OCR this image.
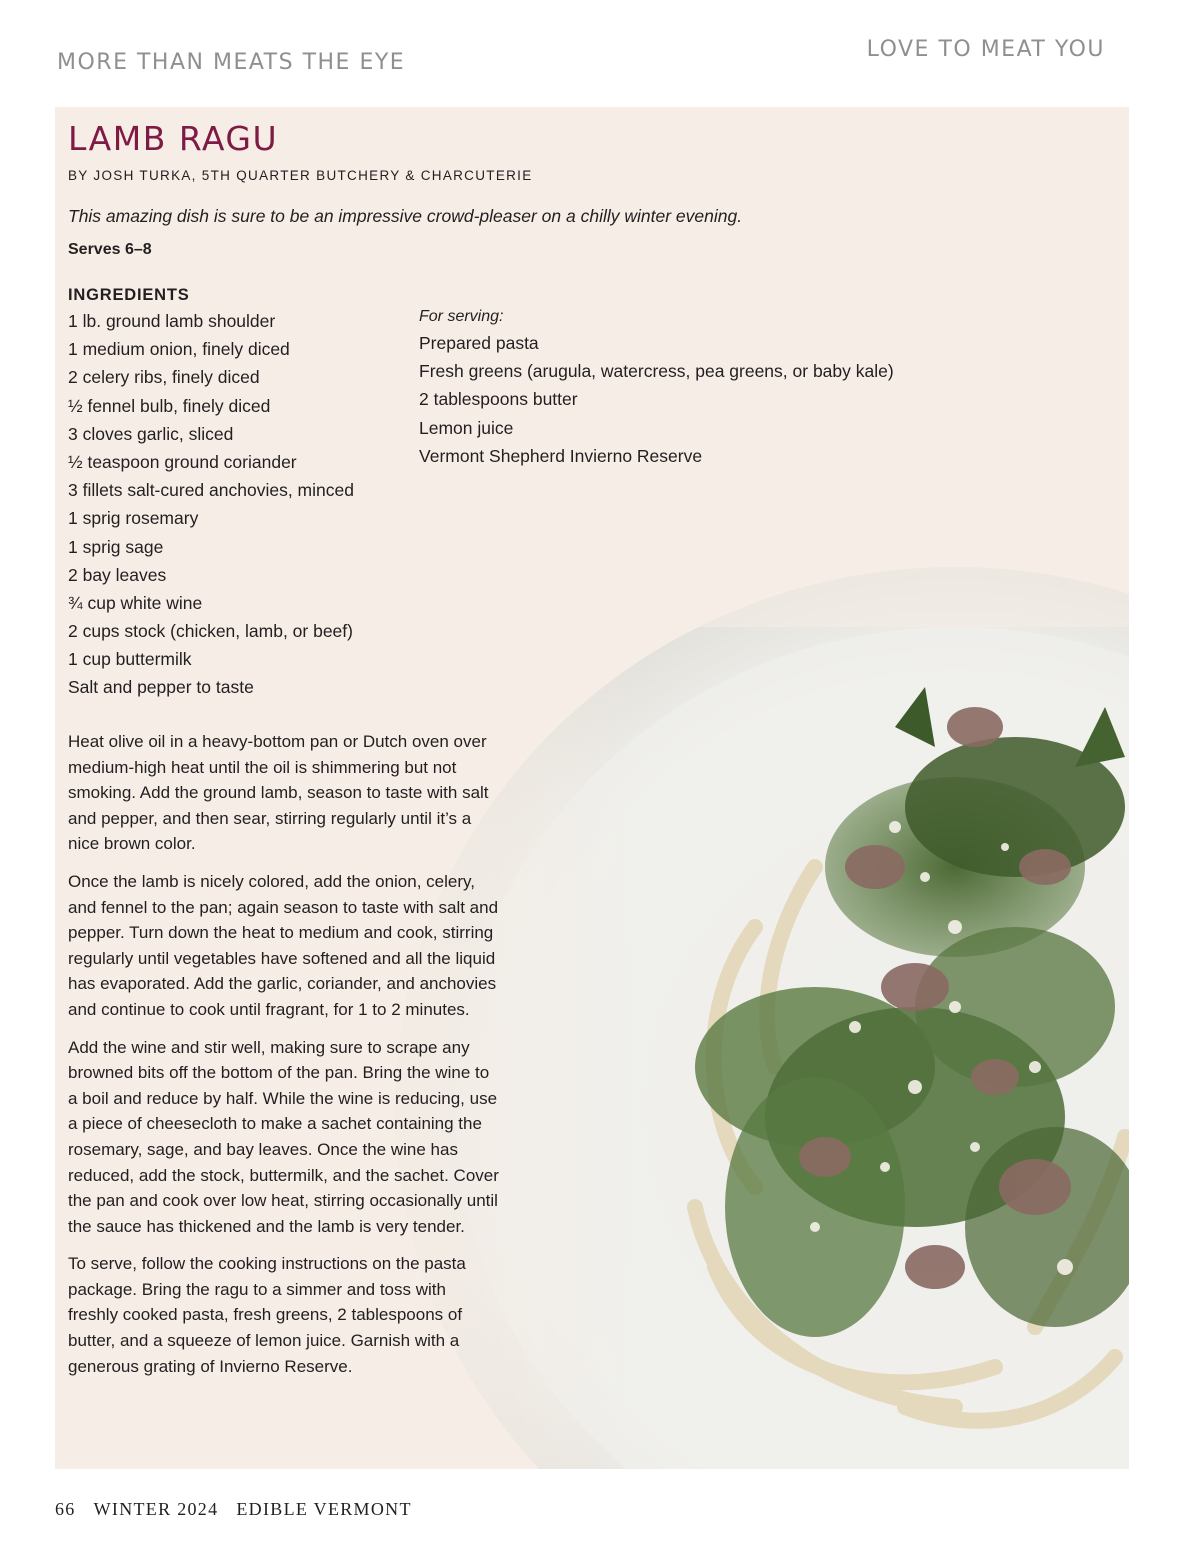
MORE THAN MEATS THE EYE
LOVE TO MEAT YOU
LAMB RAGU
BY JOSH TURKA, 5TH QUARTER BUTCHERY & CHARCUTERIE
This amazing dish is sure to be an impressive crowd-pleaser on a chilly winter evening.
Serves 6–8
INGREDIENTS
1 lb. ground lamb shoulder
1 medium onion, finely diced
2 celery ribs, finely diced
½ fennel bulb, finely diced
3 cloves garlic, sliced
½ teaspoon ground coriander
3 fillets salt-cured anchovies, minced
1 sprig rosemary
1 sprig sage
2 bay leaves
¾ cup white wine
2 cups stock (chicken, lamb, or beef)
1 cup buttermilk
Salt and pepper to taste
For serving:
Prepared pasta
Fresh greens (arugula, watercress, pea greens, or baby kale)
2 tablespoons butter
Lemon juice
Vermont Shepherd Invierno Reserve

Heat olive oil in a heavy-bottom pan or Dutch oven over medium-high heat until the oil is shimmering but not smoking. Add the ground lamb, season to taste with salt and pepper, and then sear, stirring regularly until it’s a nice brown color.

Once the lamb is nicely colored, add the onion, celery, and fennel to the pan; again season to taste with salt and pepper. Turn down the heat to medium and cook, stirring regularly until vegetables have softened and all the liquid has evaporated. Add the garlic, coriander, and anchovies and continue to cook until fragrant, for 1 to 2 minutes.

Add the wine and stir well, making sure to scrape any browned bits off the bottom of the pan. Bring the wine to a boil and reduce by half. While the wine is reducing, use a piece of cheesecloth to make a sachet containing the rosemary, sage, and bay leaves. Once the wine has reduced, add the stock, buttermilk, and the sachet. Cover the pan and cook over low heat, stirring occasionally until the sauce has thickened and the lamb is very tender.

To serve, follow the cooking instructions on the pasta package. Bring the ragu to a simmer and toss with freshly cooked pasta, fresh greens, 2 tablespoons of butter, and a squeeze of lemon juice. Garnish with a generous grating of Invierno Reserve.

66 WINTER 2024 EDIBLE VERMONT
